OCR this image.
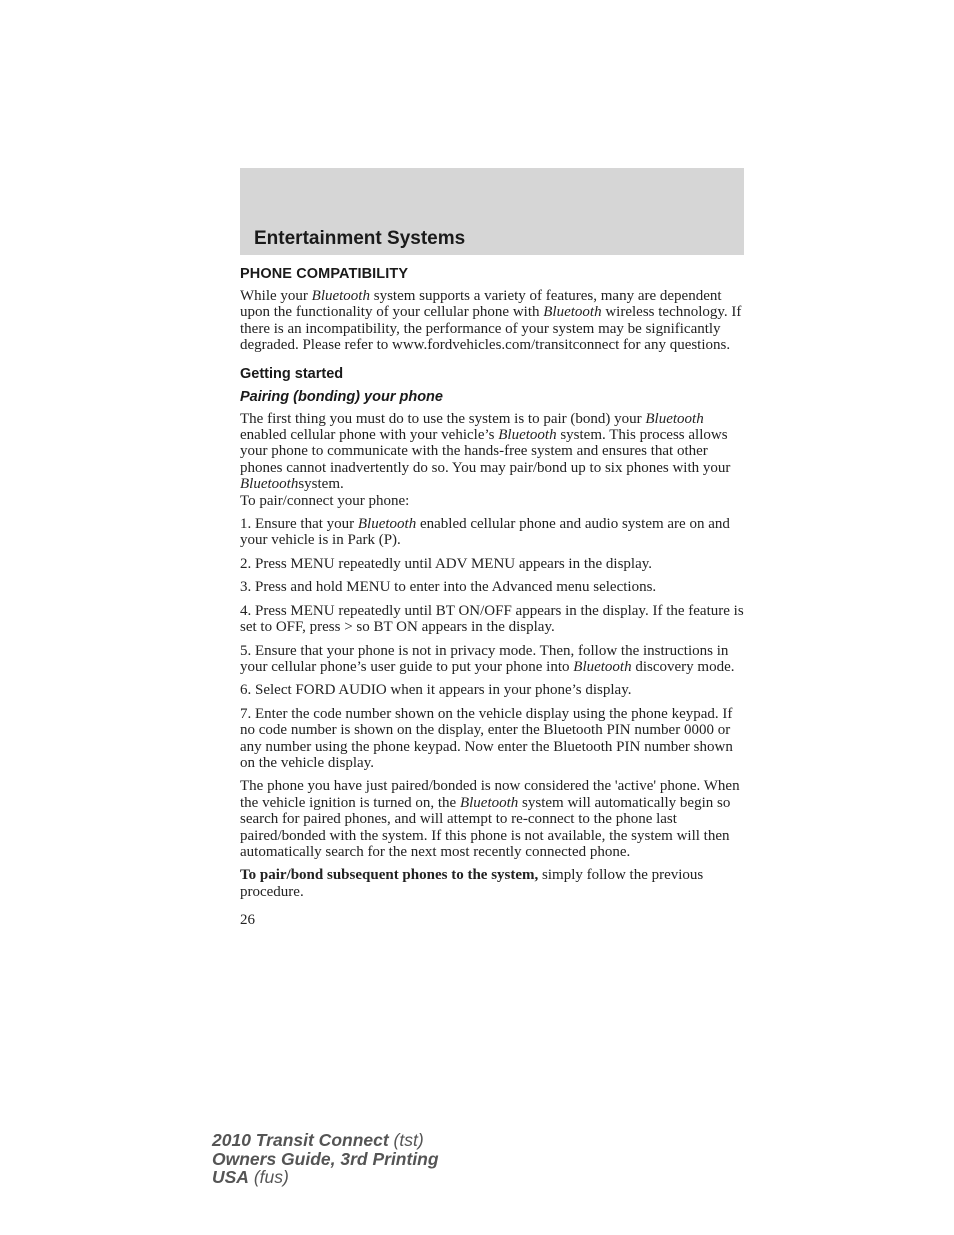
Entertainment Systems
PHONE COMPATIBILITY

While your Bluetooth system supports a variety of features, many are dependent upon the functionality of your cellular phone with Bluetooth wireless technology. If there is an incompatibility, the performance of your system may be significantly degraded. Please refer to www.fordvehicles.com/transitconnect for any questions.

Getting started
Pairing (bonding) your phone

The first thing you must do to use the system is to pair (bond) your Bluetooth enabled cellular phone with your vehicle’s Bluetooth system. This process allows your phone to communicate with the hands-free system and ensures that other phones cannot inadvertently do so. You may pair/bond up to six phones with your Bluetoothsystem.

To pair/connect your phone:

1. Ensure that your Bluetooth enabled cellular phone and audio system are on and your vehicle is in Park (P).

2. Press MENU repeatedly until ADV MENU appears in the display.

3. Press and hold MENU to enter into the Advanced menu selections.

4. Press MENU repeatedly until BT ON/OFF appears in the display. If the feature is set to OFF, press > so BT ON appears in the display.

5. Ensure that your phone is not in privacy mode. Then, follow the instructions in your cellular phone’s user guide to put your phone into Bluetooth discovery mode.

6. Select FORD AUDIO when it appears in your phone’s display.

7. Enter the code number shown on the vehicle display using the phone keypad. If no code number is shown on the display, enter the Bluetooth PIN number 0000 or any number using the phone keypad. Now enter the Bluetooth PIN number shown on the vehicle display.

The phone you have just paired/bonded is now considered the 'active' phone. When the vehicle ignition is turned on, the Bluetooth system will automatically begin so search for paired phones, and will attempt to re-connect to the phone last paired/bonded with the system. If this phone is not available, the system will then automatically search for the next most recently connected phone.

To pair/bond subsequent phones to the system, simply follow the previous procedure.

26
2010 Transit Connect (tst)
Owners Guide, 3rd Printing
USA (fus)
